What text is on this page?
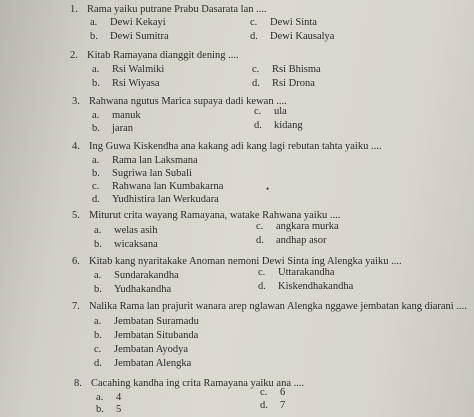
1. Rama yaiku putrane Prabu Dasarata lan ....
a. Dewi Kekayi
b. Dewi Sumitra
c. Dewi Sinta
d. Dewi Kausalya
2. Kitab Ramayana dianggit dening ....
a. Rsi Walmiki
b. Rsi Wiyasa
c. Rsi Bhisma
d. Rsi Drona
3. Rahwana ngutus Marica supaya dadi kewan ....
a. manuk
b. jaran
c. ula
d. kidang
4. Ing Guwa Kiskendha ana kakang adi kang lagi rebutan tahta yaiku ....
a. Rama lan Laksmana
b. Sugriwa lan Subali
c. Rahwana lan Kumbakarna
d. Yudhistira lan Werkudara
•
5. Miturut crita wayang Ramayana, watake Rahwana yaiku ....
a. welas asih
b. wicaksana
c. angkara murka
d. andhap asor
6. Kitab kang nyaritakake Anoman nemoni Dewi Sinta ing Alengka yaiku ....
a. Sundarakandha
b. Yudhakandha
c. Uttarakandha
d. Kiskendhakandha
7. Nalika Rama lan prajurit wanara arep nglawan Alengka nggawe jembatan kang diarani ....
a. Jembatan Suramadu
b. Jembatan Situbanda
c. Jembatan Ayodya
d. Jembatan Alengka
8. Cacahing kandha ing crita Ramayana yaiku ana ....
a. 4
b. 5
c. 6
d. 7
